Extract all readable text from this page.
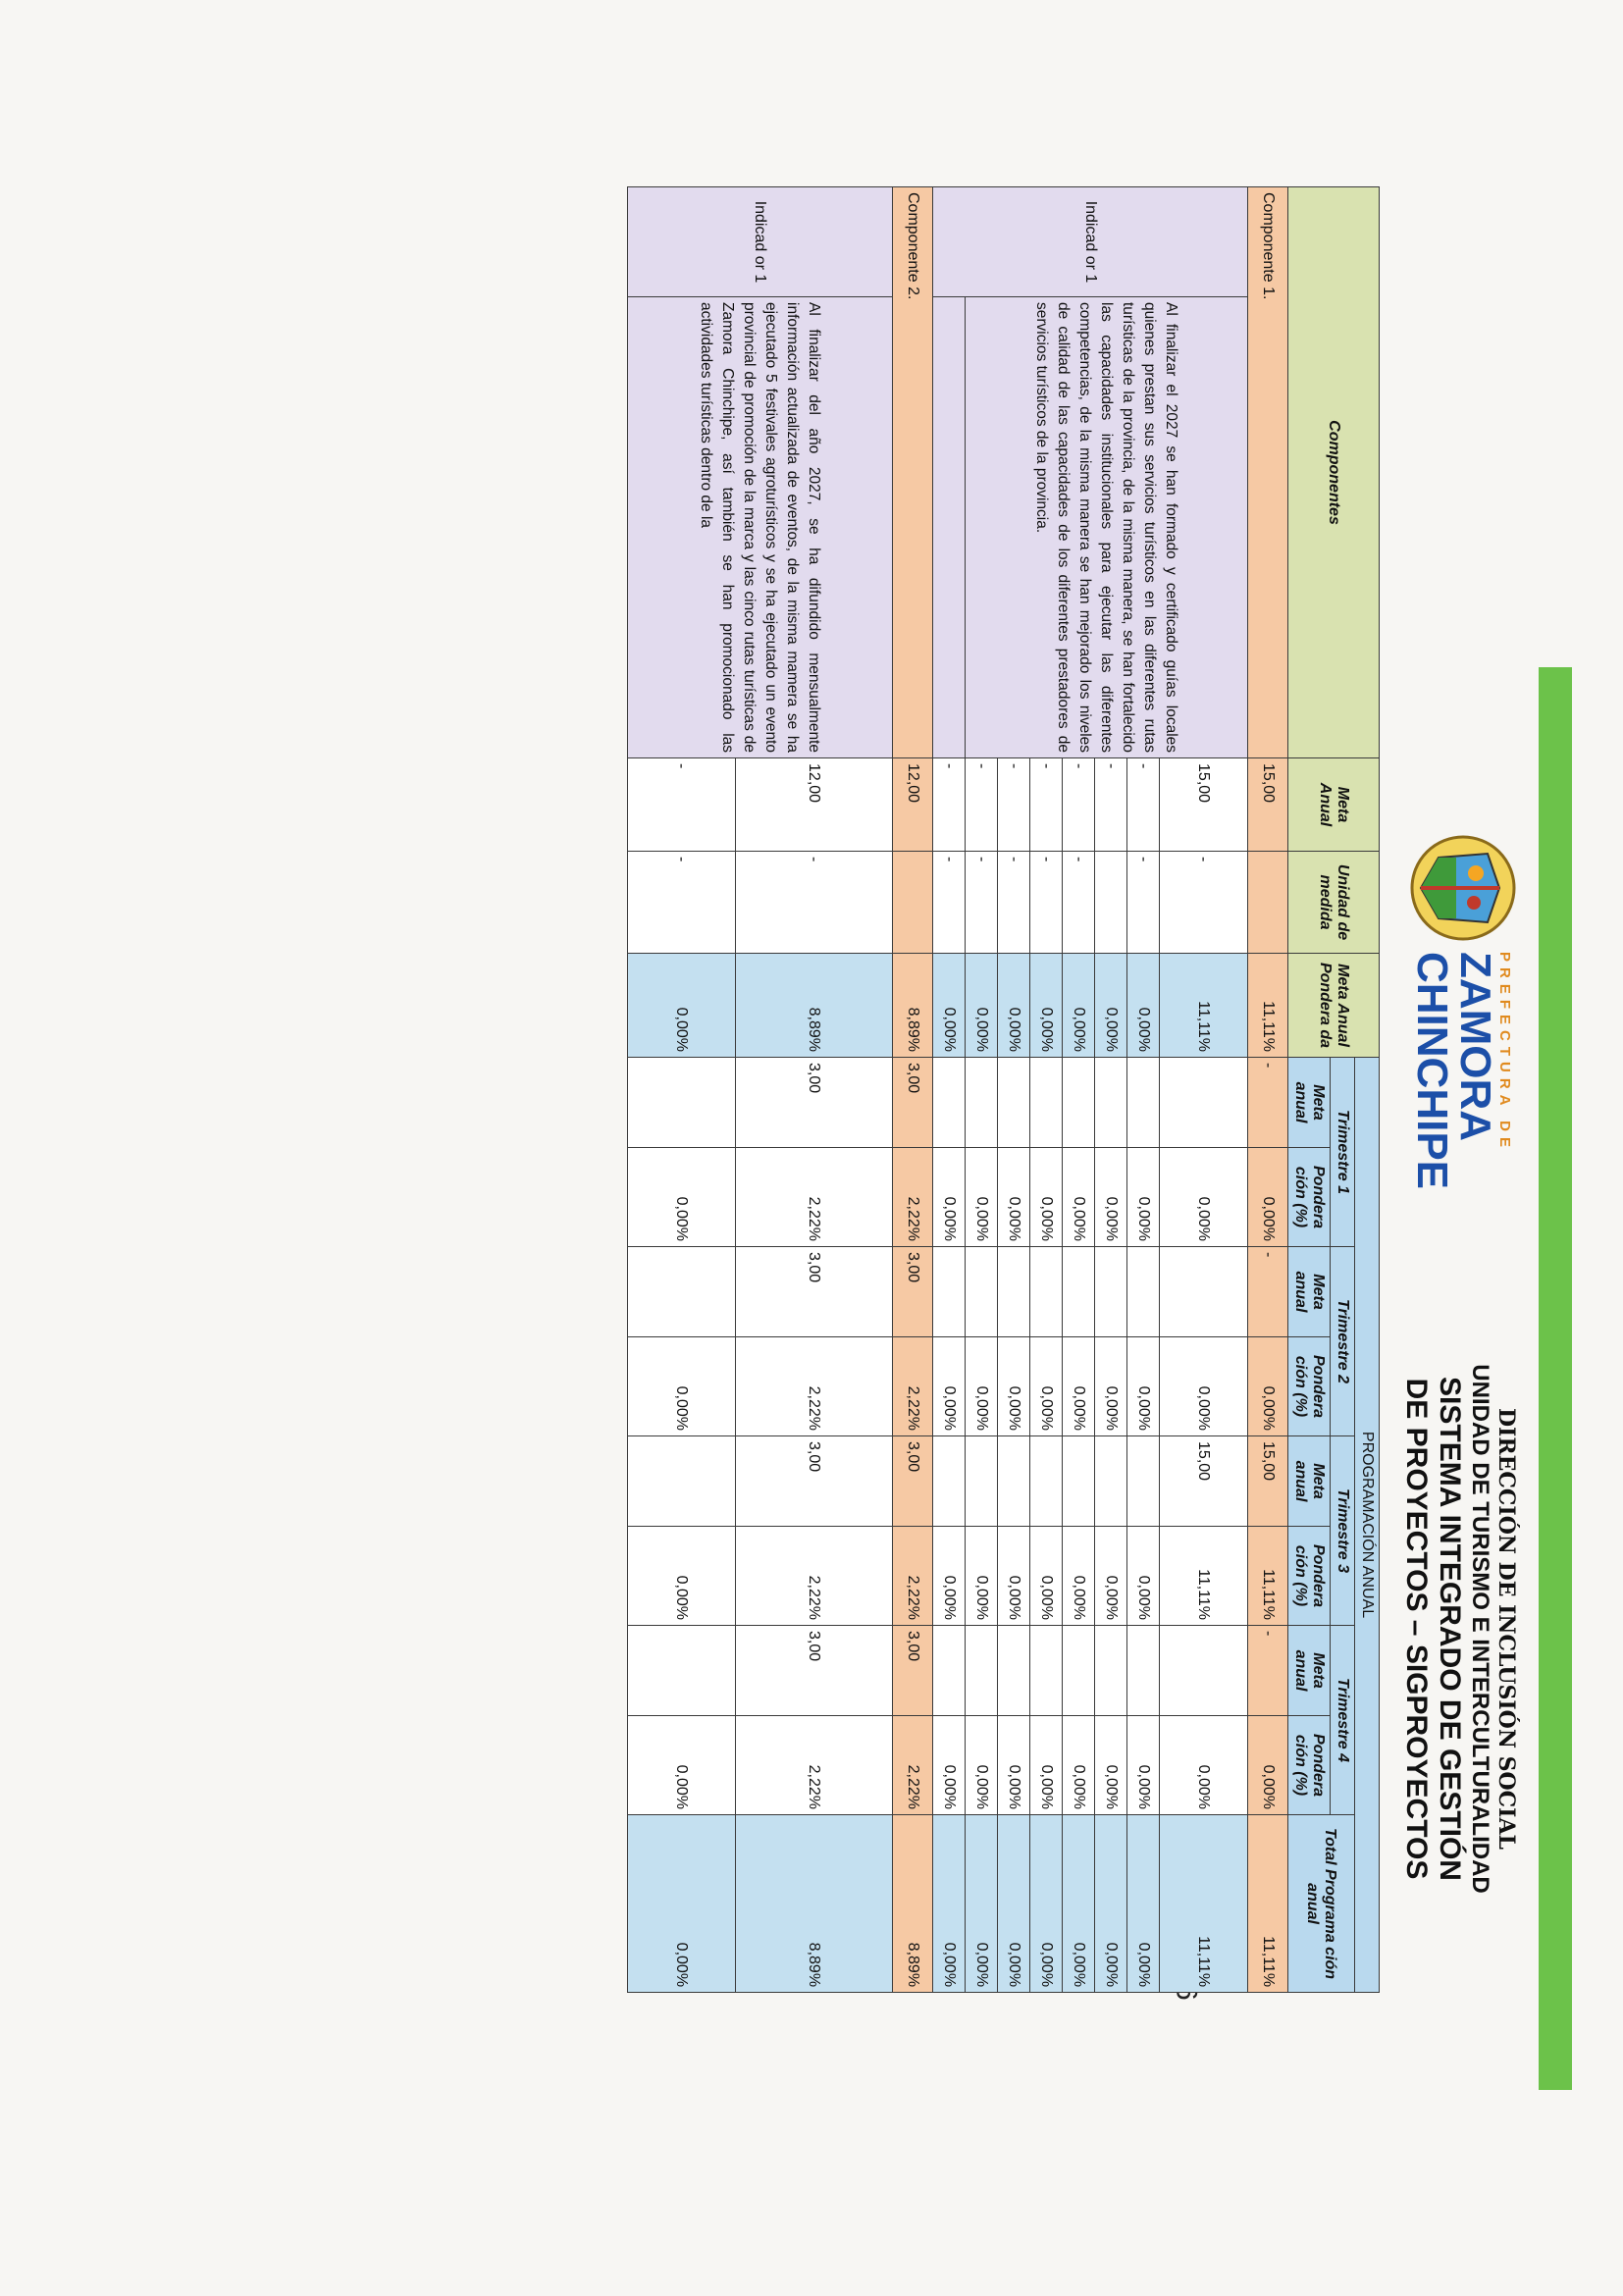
PREFECTURA DE
ZAMORA
CHINCHIPE
DIRECCIÓN DE INCLUSIÓN SOCIAL
UNIDAD DE TURISMO E INTERCULTURALIDAD
SISTEMA INTEGRADO DE GESTIÓN
DE PROYECTOS – SIGPROYECTOS
Componentes		Meta Anual	Unidad de medida	Meta Anual Pondera da	PROGRAMACIÓN ANUAL								
					Trimestre 1		Trimestre 2		Trimestre 3		Trimestre 4		Total Programa ción anual
					Meta anual	Pondera ción (%)	Meta anual	Pondera ción (%)	Meta anual	Pondera ción (%)	Meta anual	Pondera ción (%)	
Componente 1.		15,00		11,11%	-	0,00%	-	0,00%	15,00	11,11%	-	0,00%	11,11%
Indicad or 1	Al finalizar el 2027 se han formado y certificado guías locales quienes prestan sus servicios turísticos en las diferentes rutas turísticas de la provincia, de la misma manera, se han fortalecido las capacidades institucionales para ejecutar las diferentes competencias, de la misma manera se han mejorado los niveles de calidad de las capacidades de los diferentes prestadores de servicios turísticos de la provincia.	15,00	-	11,11%		0,00%		0,00%	15,00	11,11%		0,00%	11,11%
		-	-	0,00%		0,00%		0,00%		0,00%		0,00%	0,00%
		-		0,00%		0,00%		0,00%		0,00%		0,00%	0,00%
		-	-	0,00%		0,00%		0,00%		0,00%		0,00%	0,00%
		-	-	0,00%		0,00%		0,00%		0,00%		0,00%	0,00%
		-	-	0,00%		0,00%		0,00%		0,00%		0,00%	0,00%
		-	-	0,00%		0,00%		0,00%		0,00%		0,00%	0,00%
		-	-	0,00%		0,00%		0,00%		0,00%		0,00%	0,00%
Componente 2.		12,00		8,89%	3,00	2,22%	3,00	2,22%	3,00	2,22%	3,00	2,22%	8,89%
Indicad or 1	Al finalizar del año 2027, se ha difundido mensualmente información actualizada de eventos, de la misma mamera se ha ejecutado 5 festivales agroturísticos y se ha ejecutado un evento provincial de promoción de la marca y las cinco rutas turísticas de Zamora Chinchipe, así también se han promocionado las actividades turísticas dentro de la	12,00	-	8,89%	3,00	2,22%	3,00	2,22%	3,00	2,22%	3,00	2,22%	8,89%
		-	-	0,00%		0,00%		0,00%		0,00%		0,00%	0,00%
